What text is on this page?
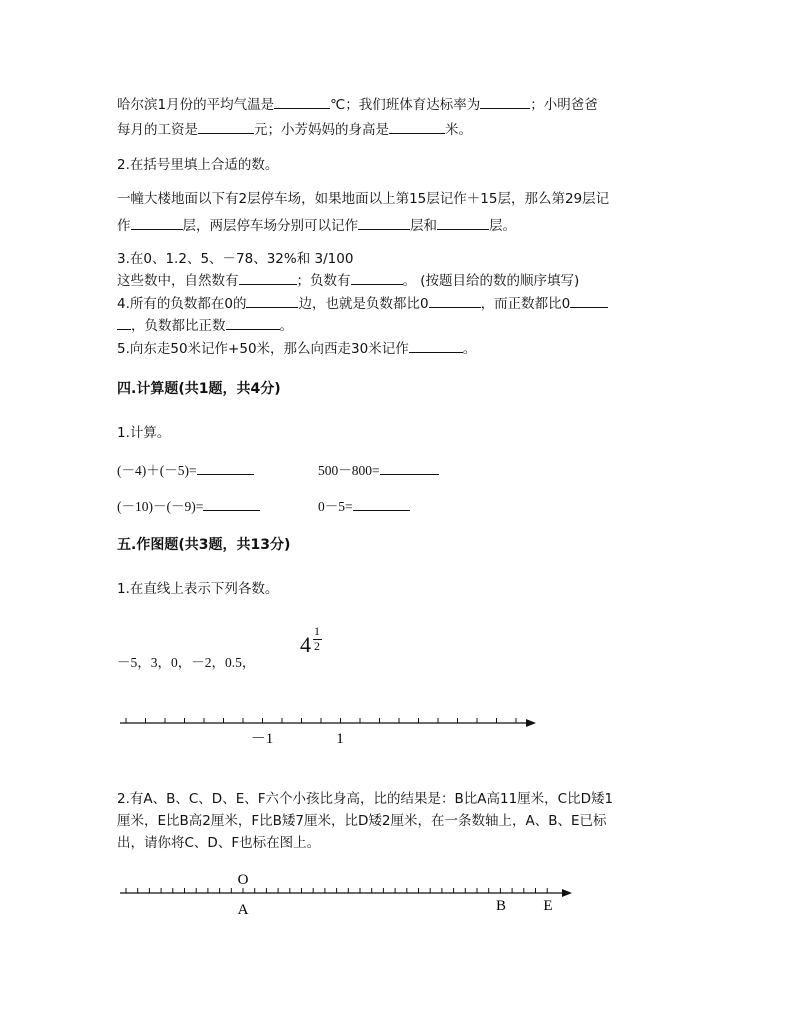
哈尔滨1月份的平均气温是	℃；我们班体育达标率为	；小明爸爸
每月的工资是	元；小芳妈妈的身高是	米。
2.在括号里填上合适的数。
一幢大楼地面以下有2层停车场，如果地面以上第15层记作＋15层，那么第29层记
作	层，两层停车场分别可以记作	层和	层。
3.在0、1.2、5、－78、32%和 3/100
这些数中，自然数有	；负数有	。 (按题目给的数的顺序填写)
4.所有的负数都在0的	边，也就是负数都比0	，而正数都比0
，负数都比正数	。
5.向东走50米记作+50米，那么向西走30米记作	。
四.计算题(共1题，共4分)
1.计算。
(－4)＋(－5)=	500－800=
(－10)－(－9)=	0－5=
五.作图题(共3题，共13分)
1.在直线上表示下列各数。
－5，3，0，－2，0.5，
4
1
2
－1	1
2.有A、B、C、D、E、F六个小孩比身高，比的结果是：B比A高11厘米，C比D矮1
厘米，E比B高2厘米，F比B矮7厘米，比D矮2厘米，在一条数轴上，A、B、E已标
出，请你将C、D、F也标在图上。
O
A	B E
